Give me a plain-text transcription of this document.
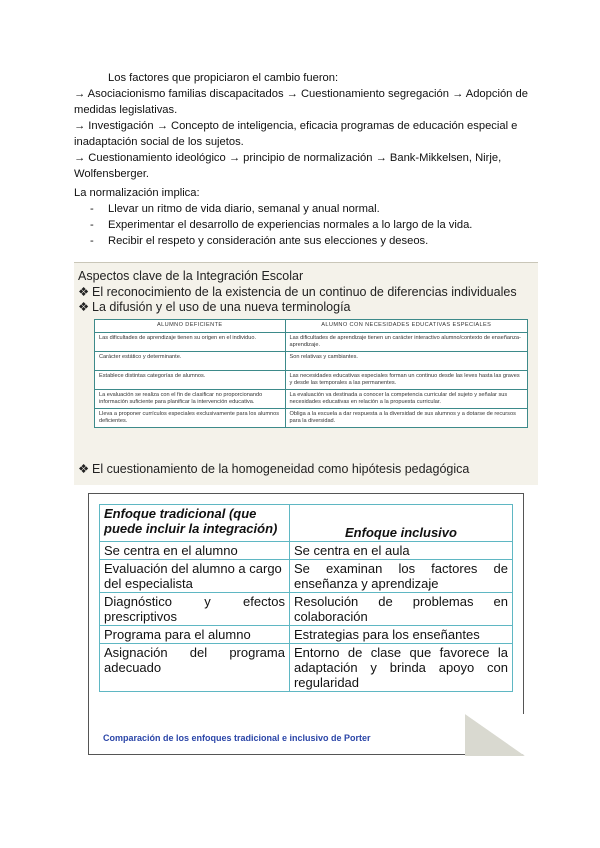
Los factores que propiciaron el cambio fueron:

→ Asociacionismo familias discapacitados → Cuestionamiento segregación → Adopción de medidas legislativas.

→ Investigación → Concepto de inteligencia, eficacia programas de educación especial e inadaptación social de los sujetos.

→ Cuestionamiento ideológico → principio de normalización → Bank-Mikkelsen, Nirje, Wolfensberger.

La normalización implica:

- Llevar un ritmo de vida diario, semanal y anual normal.
- Experimentar el desarrollo de experiencias normales a lo largo de la vida.
- Recibir el respeto y consideración ante sus elecciones y deseos.
Aspectos clave de la Integración Escolar
❖ El reconocimiento de la existencia de un continuo de diferencias individuales
❖ La difusión y el uso de una nueva terminología
ALUMNO DEFICIENTE	ALUMNO CON NECESIDADES EDUCATIVAS ESPECIALES
Las dificultades de aprendizaje tienen su origen en el individuo.	Las dificultades de aprendizaje tienen un carácter interactivo alumno/contexto de enseñanza-aprendizaje.
Carácter estático y determinante.	Son relativas y cambiantes.
Establece distintas categorías de alumnos.	Las necesidades educativas especiales forman un continuo desde las leves hasta las graves y desde las temporales a las permanentes.
La evaluación se realiza con el fin de clasificar no proporcionando información suficiente para planificar la intervención educativa.	La evaluación va destinada a conocer la competencia curricular del sujeto y señalar sus necesidades educativas en relación a la propuesta curricular.
Lleva a proponer currículos especiales exclusivamente para los alumnos deficientes.	Obliga a la escuela a dar respuesta a la diversidad de sus alumnos y a dotarse de recursos para la diversidad.
❖ El cuestionamiento de la homogeneidad como hipótesis pedagógica
Enfoque tradicional (que puede incluir la integración)	Enfoque inclusivo
Se centra en el alumno	Se centra en el aula
Evaluación del alumno a cargo del especialista	Se examinan los factores de enseñanza y aprendizaje
Diagnóstico y efectos prescriptivos	Resolución de problemas en colaboración
Programa para el alumno	Estrategias para los enseñantes
Asignación del programa adecuado	Entorno de clase que favorece la adaptación y brinda apoyo con regularidad
Comparación de los enfoques tradicional e inclusivo de Porter
